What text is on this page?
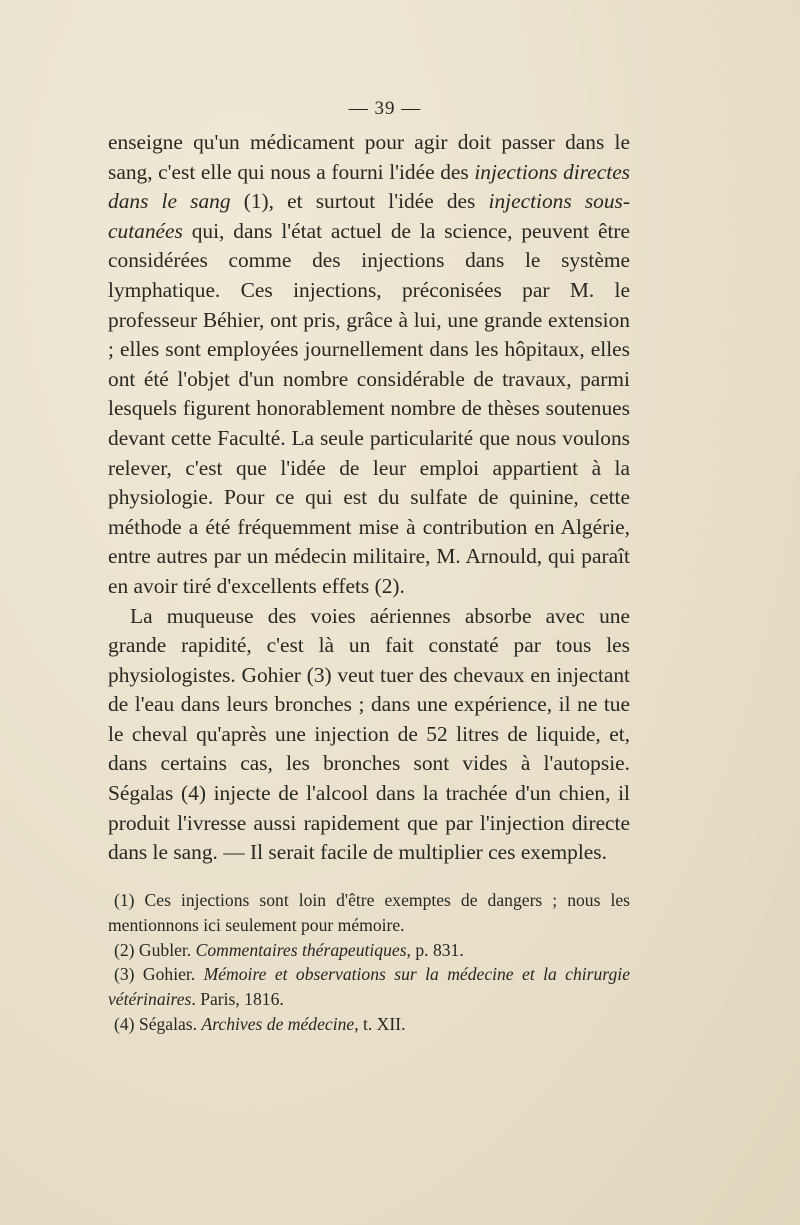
— 39 —

enseigne qu'un médicament pour agir doit passer dans le sang, c'est elle qui nous a fourni l'idée des injections directes dans le sang (1), et surtout l'idée des injections sous-cutanées qui, dans l'état actuel de la science, peuvent être considérées comme des injections dans le système lymphatique. Ces injections, préconisées par M. le professeur Béhier, ont pris, grâce à lui, une grande extension ; elles sont employées journellement dans les hôpitaux, elles ont été l'objet d'un nombre considérable de travaux, parmi lesquels figurent honorablement nombre de thèses soutenues devant cette Faculté. La seule particularité que nous voulons relever, c'est que l'idée de leur emploi appartient à la physiologie. Pour ce qui est du sulfate de quinine, cette méthode a été fréquemment mise à contribution en Algérie, entre autres par un médecin militaire, M. Arnould, qui paraît en avoir tiré d'excellents effets (2).

La muqueuse des voies aériennes absorbe avec une grande rapidité, c'est là un fait constaté par tous les physiologistes. Gohier (3) veut tuer des chevaux en injectant de l'eau dans leurs bronches ; dans une expérience, il ne tue le cheval qu'après une injection de 52 litres de liquide, et, dans certains cas, les bronches sont vides à l'autopsie. Ségalas (4) injecte de l'alcool dans la trachée d'un chien, il produit l'ivresse aussi rapidement que par l'injection directe dans le sang. — Il serait facile de multiplier ces exemples.

(1) Ces injections sont loin d'être exemptes de dangers ; nous les mentionnons ici seulement pour mémoire.

(2) Gubler. Commentaires thérapeutiques, p. 831.

(3) Gohier. Mémoire et observations sur la médecine et la chirurgie vétérinaires. Paris, 1816.

(4) Ségalas. Archives de médecine, t. XII.
